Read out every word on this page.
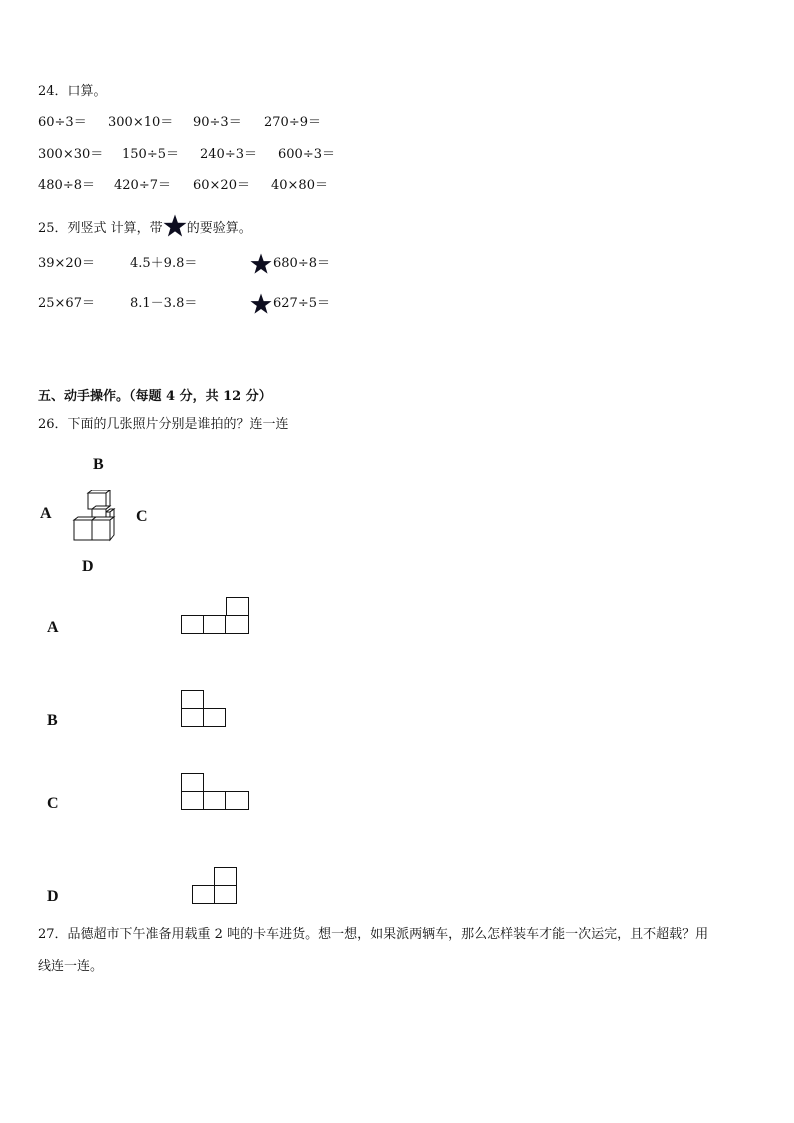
24．口算。
60÷3＝ 300×10＝ 90÷3＝ 270÷9＝
300×30＝ 150÷5＝ 240÷3＝ 600÷3＝
480÷8＝ 420÷7＝ 60×20＝ 40×80＝
25．列竖式 计算，带 的要验算。
39×20＝	4.5＋9.8＝	680÷8＝
25×67＝	8.1－3.8＝	627÷5＝
五、动手操作。（每题 4 分，共 12 分）
26．下面的几张照片分别是谁拍的？连一连
B
A	C
D
A
B
C
D
27．品德超市下午准备用载重 2 吨的卡车进货。想一想，如果派两辆车，那么怎样装车才能一次运完，且不超载？用
线连一连。
